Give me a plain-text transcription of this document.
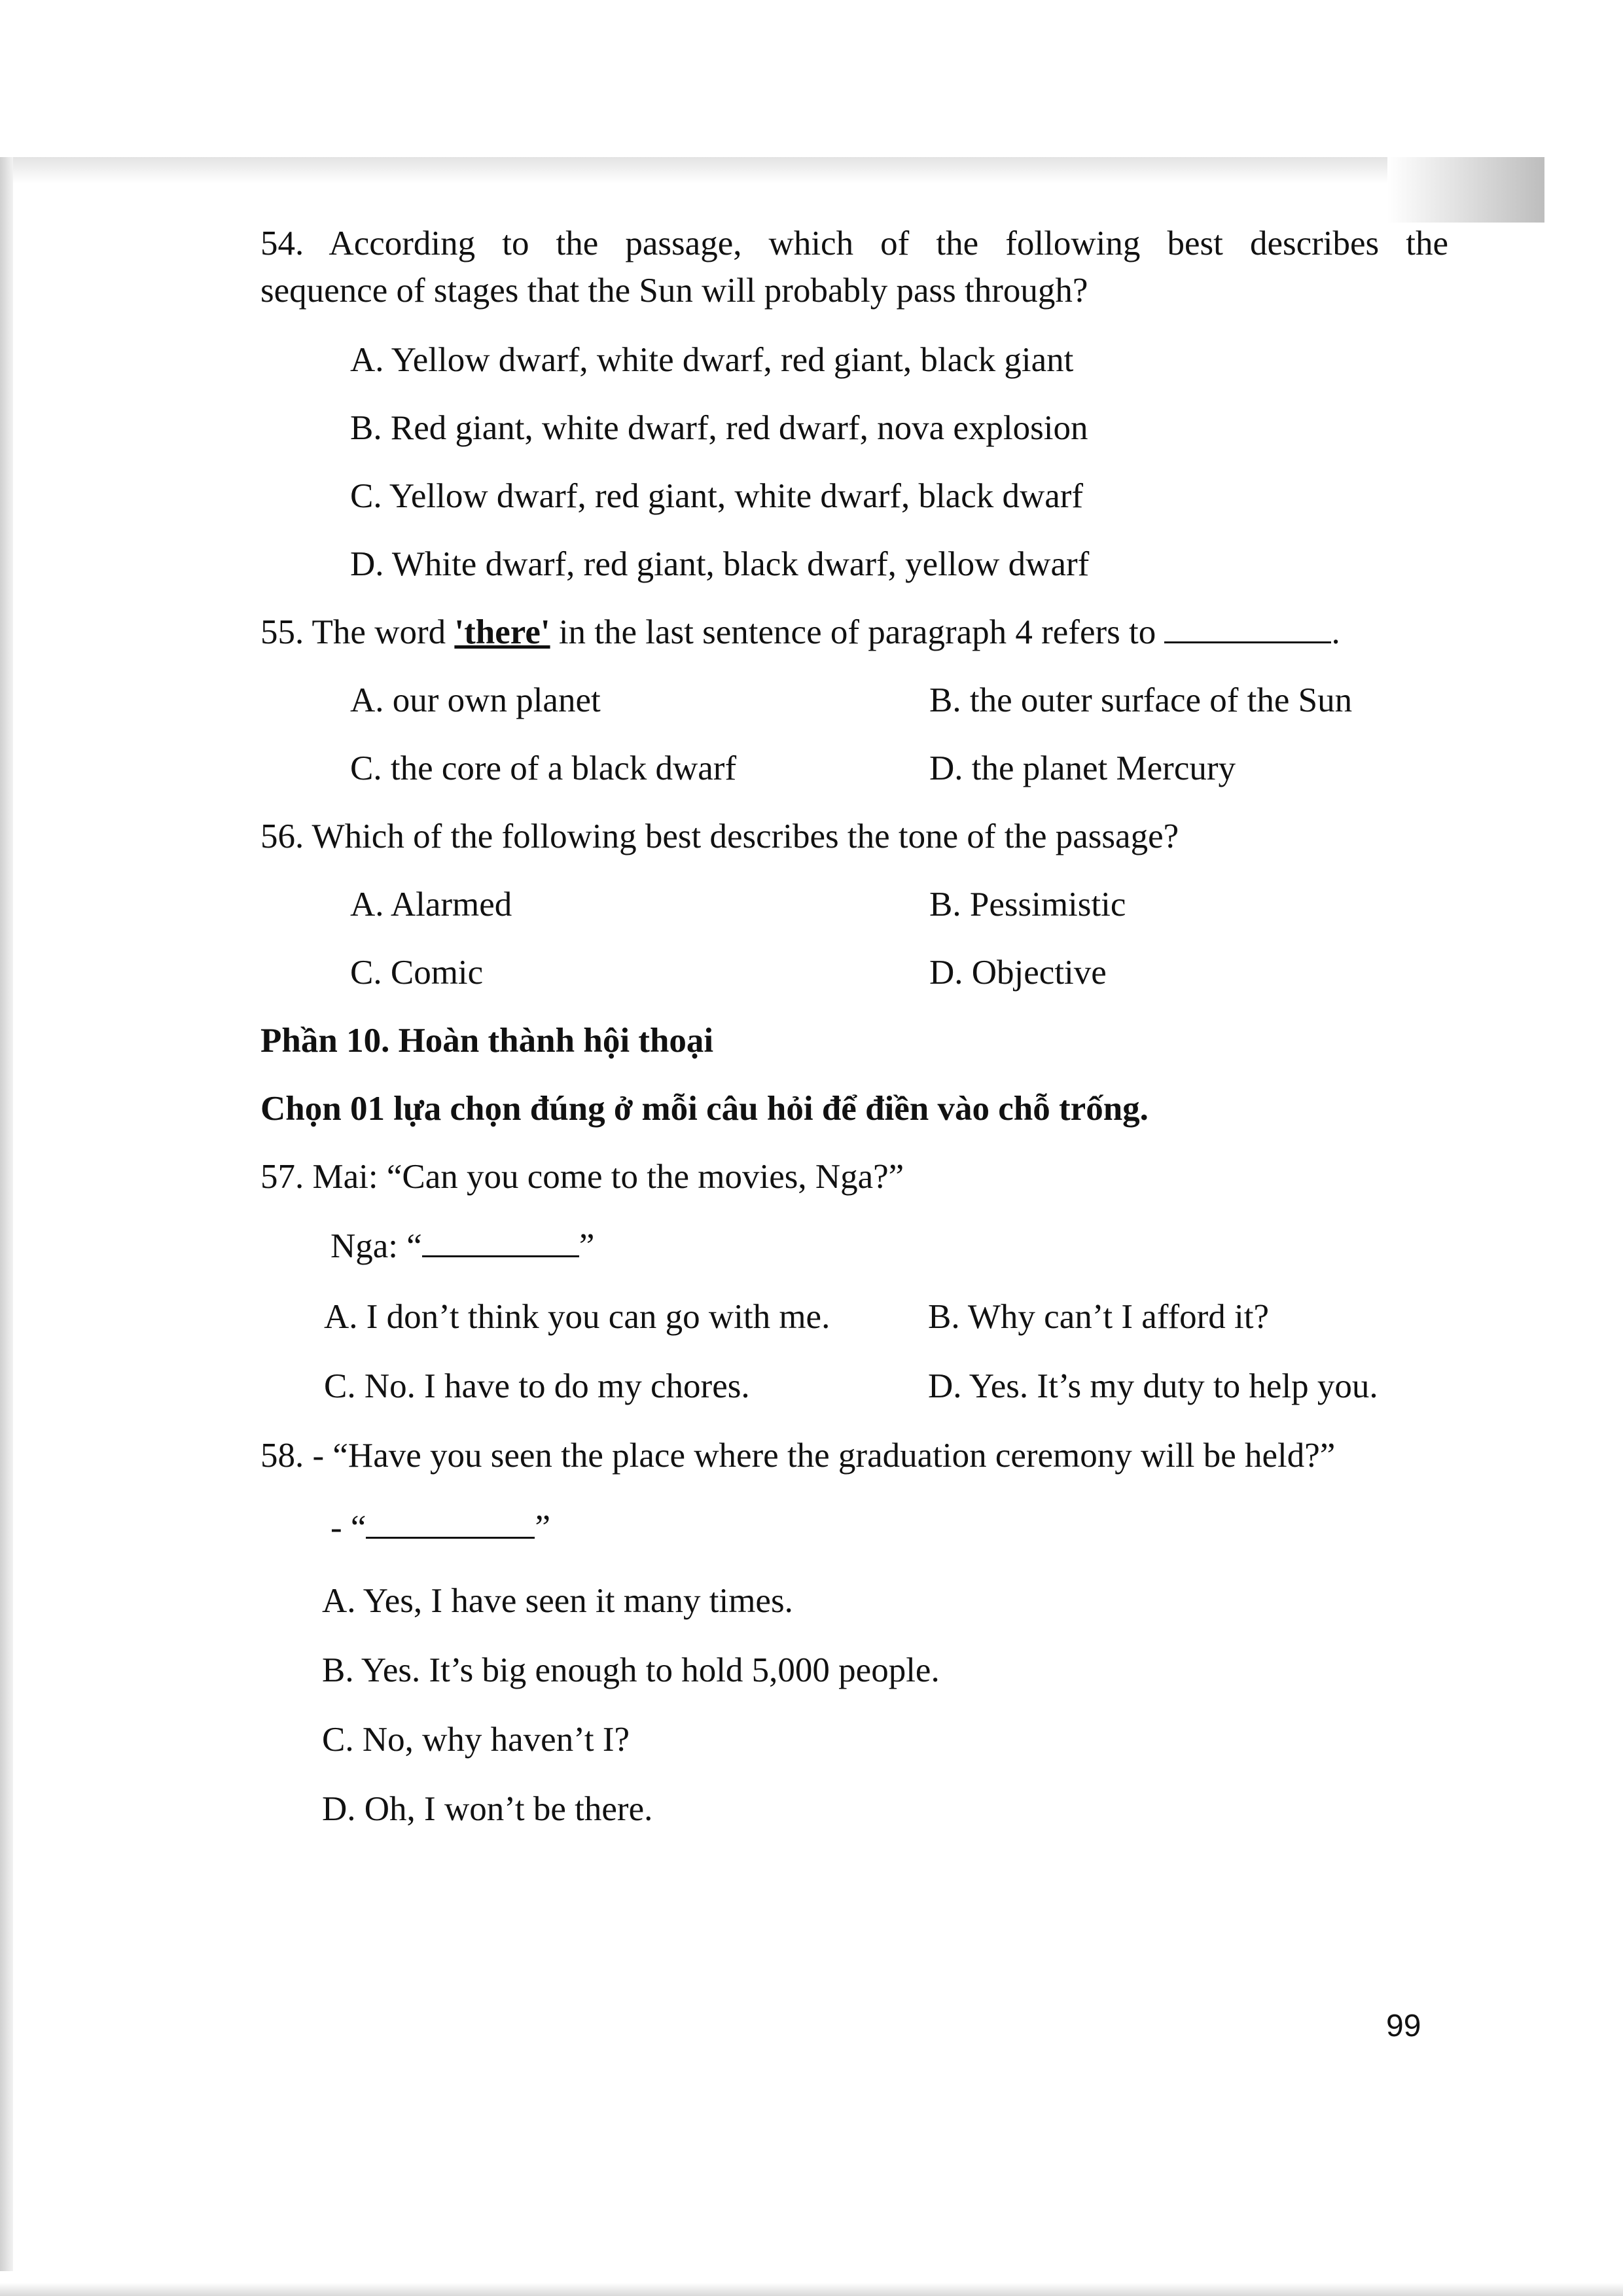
54. According to the passage, which of the following best describes the
sequence of stages that the Sun will probably pass through?
A. Yellow dwarf, white dwarf, red giant, black giant
B. Red giant, white dwarf, red dwarf, nova explosion
C. Yellow dwarf, red giant, white dwarf, black dwarf
D. White dwarf, red giant, black dwarf, yellow dwarf
55. The word 'there' in the last sentence of paragraph 4 refers to	.
A. our own planet	B. the outer surface of the Sun
C. the core of a black dwarf	D. the planet Mercury
56. Which of the following best describes the tone of the passage?
A. Alarmed	B. Pessimistic
C. Comic	D. Objective
Phần 10. Hoàn thành hội thoại
Chọn 01 lựa chọn đúng ở mỗi câu hỏi để điền vào chỗ trống.
57. Mai: “Can you come to the movies, Nga?”
Nga: “	”
A. I don’t think you can go with me.	B. Why can’t I afford it?
C. No. I have to do my chores.	D. Yes. It’s my duty to help you.
58. - “Have you seen the place where the graduation ceremony will be held?”
- “	”
A. Yes, I have seen it many times.
B. Yes. It’s big enough to hold 5,000 people.
C. No, why haven’t I?
D. Oh, I won’t be there.
99
